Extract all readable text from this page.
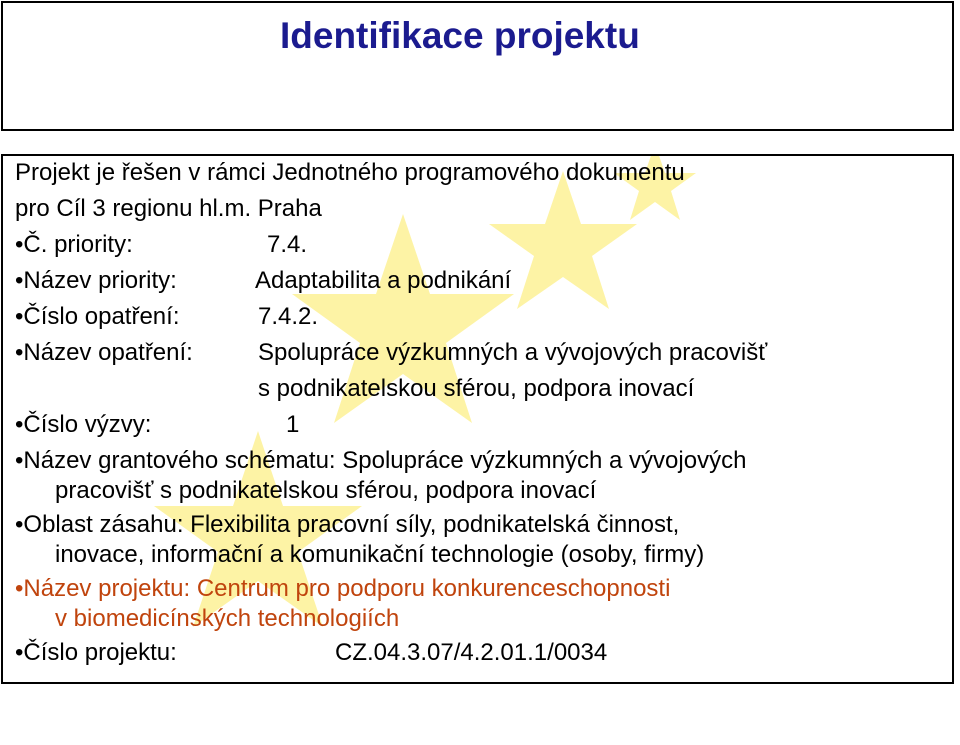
Identifikace projektu
Projekt je řešen v rámci Jednotného programového dokumentu
pro Cíl 3 regionu hl.m. Praha
•Č. priority:	7.4.
•Název priority:	Adaptabilita a podnikání
•Číslo opatření:	7.4.2.
•Název opatření:	Spolupráce výzkumných a vývojových pracovišť
s podnikatelskou sférou, podpora inovací
•Číslo výzvy:	1
•Název grantového schématu: Spolupráce výzkumných a vývojových
pracovišť s podnikatelskou sférou, podpora inovací
•Oblast zásahu: Flexibilita pracovní síly, podnikatelská činnost,
inovace, informační a komunikační technologie (osoby, firmy)
•Název projektu: Centrum pro podporu konkurenceschopnosti
v biomedicínských technologiích
•Číslo projektu:	CZ.04.3.07/4.2.01.1/0034
